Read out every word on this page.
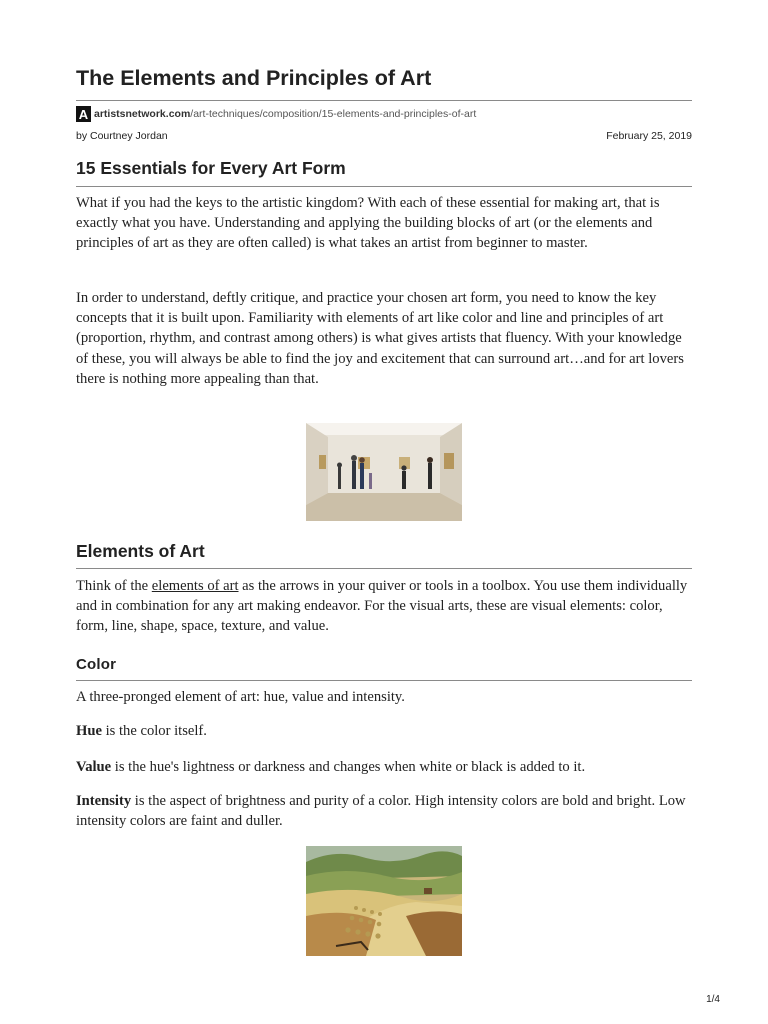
The Elements and Principles of Art
A artistsnetwork.com/art-techniques/composition/15-elements-and-principles-of-art
by Courtney Jordan	February 25, 2019
15 Essentials for Every Art Form

What if you had the keys to the artistic kingdom? With each of these essential for making art, that is exactly what you have. Understanding and applying the building blocks of art (or the elements and principles of art as they are often called) is what takes an artist from beginner to master.

In order to understand, deftly critique, and practice your chosen art form, you need to know the key concepts that it is built upon. Familiarity with elements of art like color and line and principles of art (proportion, rhythm, and contrast among others) is what gives artists that fluency. With your knowledge of these, you will always be able to find the joy and excitement that can surround art…and for art lovers there is nothing more appealing than that.

Elements of Art

Think of the elements of art as the arrows in your quiver or tools in a toolbox. You use them individually and in combination for any art making endeavor. For the visual arts, these are visual elements: color, form, line, shape, space, texture, and value.

Color

A three-pronged element of art: hue, value and intensity.

Hue is the color itself.

Value is the hue's lightness or darkness and changes when white or black is added to it.

Intensity is the aspect of brightness and purity of a color. High intensity colors are bold and bright. Low intensity colors are faint and duller.

1/4
